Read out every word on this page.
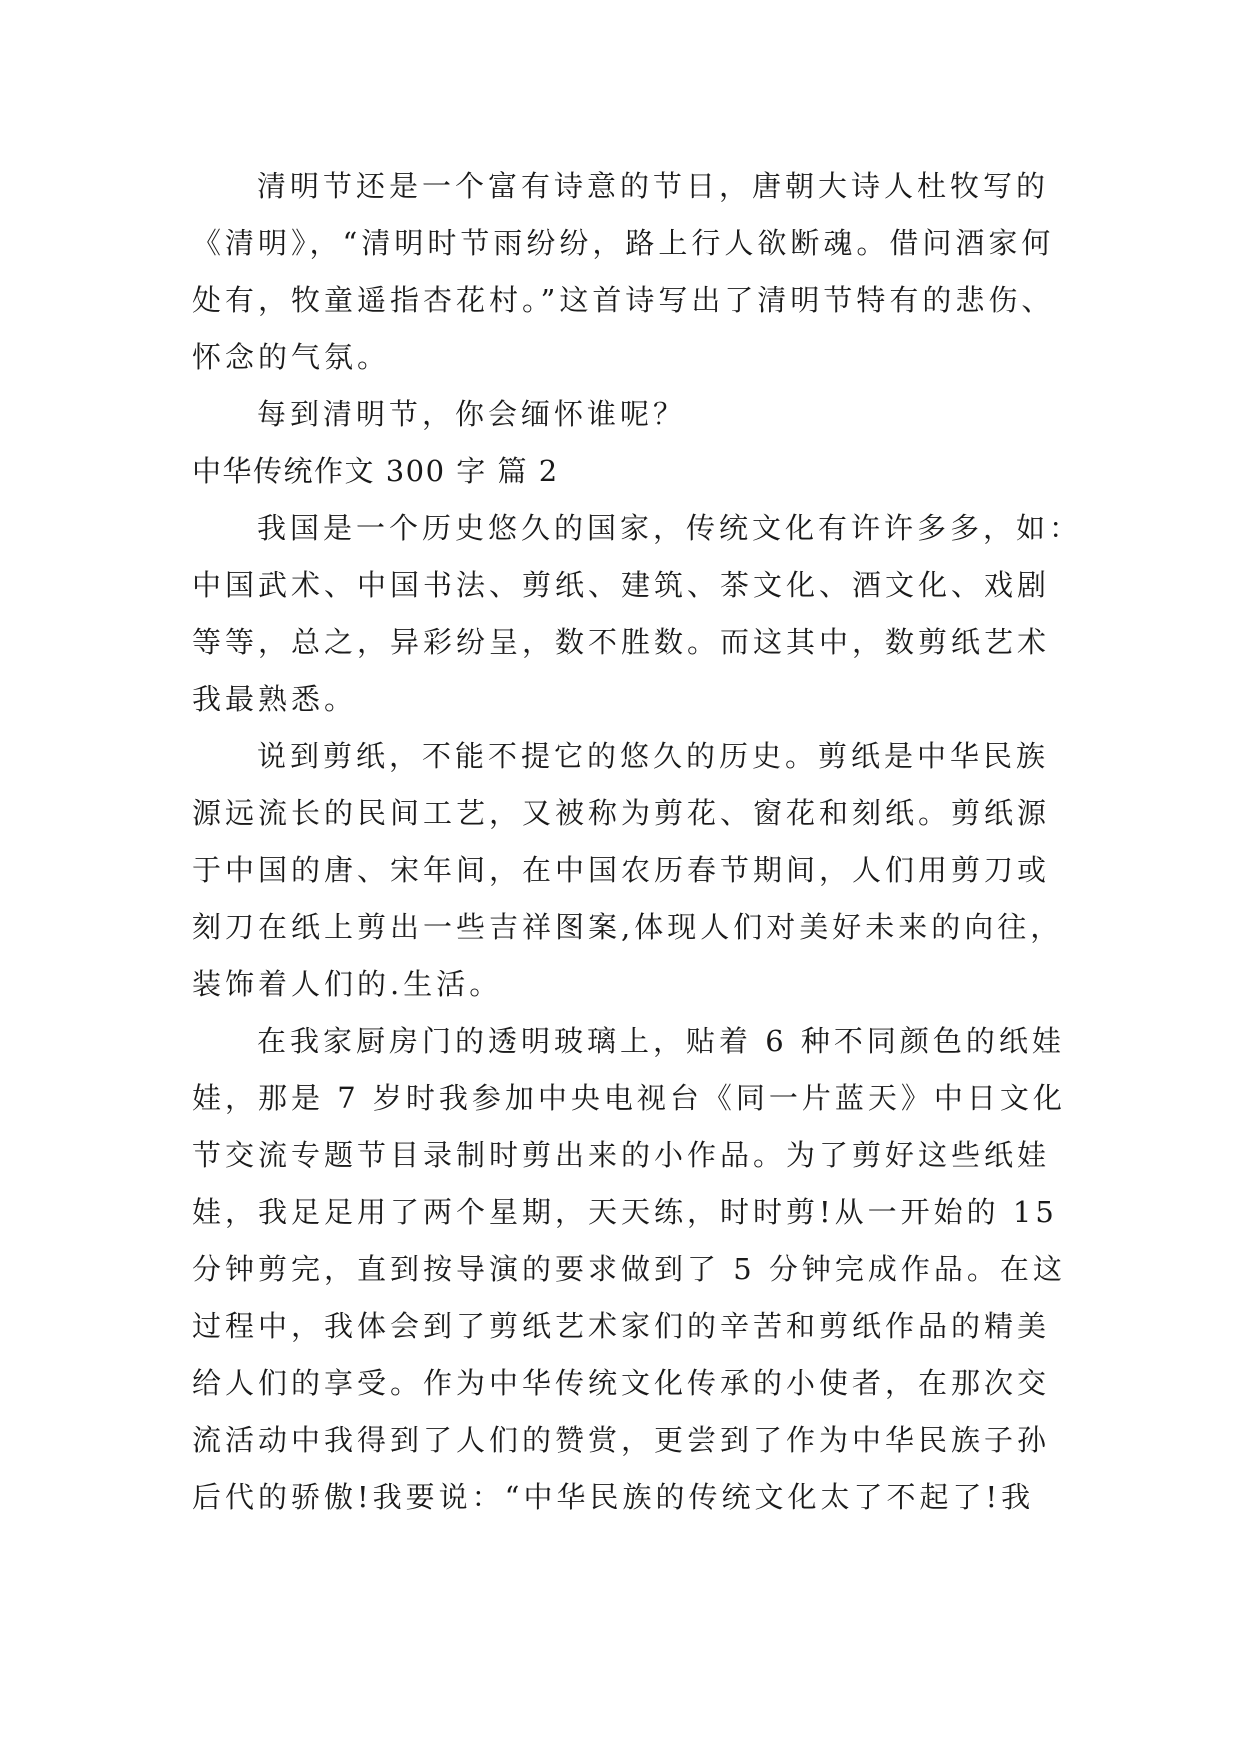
清明节还是一个富有诗意的节日，唐朝大诗人杜牧写的
《清明》，“清明时节雨纷纷，路上行人欲断魂。借问酒家何
处有，牧童遥指杏花村。”这首诗写出了清明节特有的悲伤、
怀念的气氛。
每到清明节，你会缅怀谁呢？
中华传统作文 300 字 篇 2
我国是一个历史悠久的国家，传统文化有许许多多，如：
中国武术、中国书法、剪纸、建筑、茶文化、酒文化、戏剧
等等，总之，异彩纷呈，数不胜数。而这其中，数剪纸艺术
我最熟悉。
说到剪纸，不能不提它的悠久的历史。剪纸是中华民族
源远流长的民间工艺，又被称为剪花、窗花和刻纸。剪纸源
于中国的唐、宋年间，在中国农历春节期间，人们用剪刀或
刻刀在纸上剪出一些吉祥图案,体现人们对美好未来的向往，
装饰着人们的.生活。
在我家厨房门的透明玻璃上，贴着 6 种不同颜色的纸娃
娃，那是 7 岁时我参加中央电视台《同一片蓝天》中日文化
节交流专题节目录制时剪出来的小作品。为了剪好这些纸娃
娃，我足足用了两个星期，天天练，时时剪!从一开始的 15
分钟剪完，直到按导演的要求做到了 5 分钟完成作品。在这
过程中，我体会到了剪纸艺术家们的辛苦和剪纸作品的精美
给人们的享受。作为中华传统文化传承的小使者，在那次交
流活动中我得到了人们的赞赏，更尝到了作为中华民族子孙
后代的骄傲!我要说：“中华民族的传统文化太了不起了!我
